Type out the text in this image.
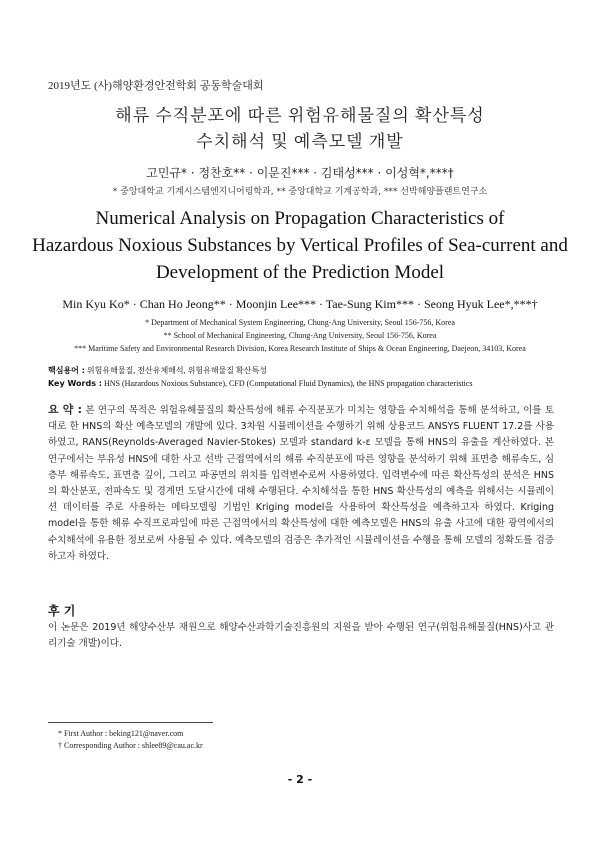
2019년도 (사)해양환경안전학회 공동학술대회
해류 수직분포에 따른 위험유해물질의 확산특성
수치해석 및 예측모델 개발
고민규* · 정찬호** · 이문진*** · 김태성*** · 이성혁*,***†
* 중앙대학교 기계시스템엔지니어링학과, ** 중앙대학교 기계공학과, *** 선박해양플랜트연구소
Numerical Analysis on Propagation Characteristics of
Hazardous Noxious Substances by Vertical Profiles of Sea-current and
Development of the Prediction Model
Min Kyu Ko* · Chan Ho Jeong** · Moonjin Lee*** · Tae-Sung Kim*** · Seong Hyuk Lee*,***†
* Department of Mechanical System Engineering, Chung-Ang University, Seoul 156-756, Korea
** School of Mechanical Engineering, Chung-Ang University, Seoul 156-756, Korea
*** Maritime Safety and Environmental Research Division, Korea Research Institute of Ships & Ocean Engineering, Daejeon, 34103, Korea
핵심용어 : 위험유해물질, 전산유체해석, 위험유해물질 확산특성
Key Words : HNS (Hazardous Noxious Substance), CFD (Computational Fluid Dynamics), the HNS propagation characteristics
요 약 : 본 연구의 목적은 위험유해물질의 확산특성에 해류 수직분포가 미치는 영향을 수치해석을 통해 분석하고, 이를 토대로 한 HNS의 확산 예측모델의 개발에 있다. 3차원 시뮬레이션을 수행하기 위해 상용코드 ANSYS FLUENT 17.2를 사용하였고, RANS(Reynolds-Averaged Navier-Stokes) 모델과 standard k-ε 모델을 통해 HNS의 유출을 계산하였다. 본 연구에서는 부유성 HNS에 대한 사고 선박 근접역에서의 해류 수직분포에 따른 영향을 분석하기 위해 표면층 해류속도, 심층부 해류속도, 표면층 깊이, 그리고 파공면의 위치를 입력변수로써 사용하였다. 입력변수에 따른 확산특성의 분석은 HNS의 확산분포, 전파속도 및 경계면 도달시간에 대해 수행된다. 수치해석을 통한 HNS 확산특성의 예측을 위해서는 시뮬레이션 데이터를 주로 사용하는 메타모델링 기법인 Kriging model을 사용하여 확산특성을 예측하고자 하였다. Kriging model을 통한 해류 수직프로파일에 따른 근접역에서의 확산특성에 대한 예측모델은 HNS의 유출 사고에 대한 광역에서의 수치해석에 유용한 정보로써 사용될 수 있다. 예측모델의 검증은 추가적인 시뮬레이션을 수행을 통해 모델의 정확도를 검증하고자 하였다.
후 기
이 논문은 2019년 해양수산부 재원으로 해양수산과학기술진흥원의 지원을 받아 수행된 연구(위험유해물질(HNS)사고 관리기술 개발)이다.
* First Author : beking121@naver.com
† Corresponding Author : shlee89@cau.ac.kr
- 2 -
